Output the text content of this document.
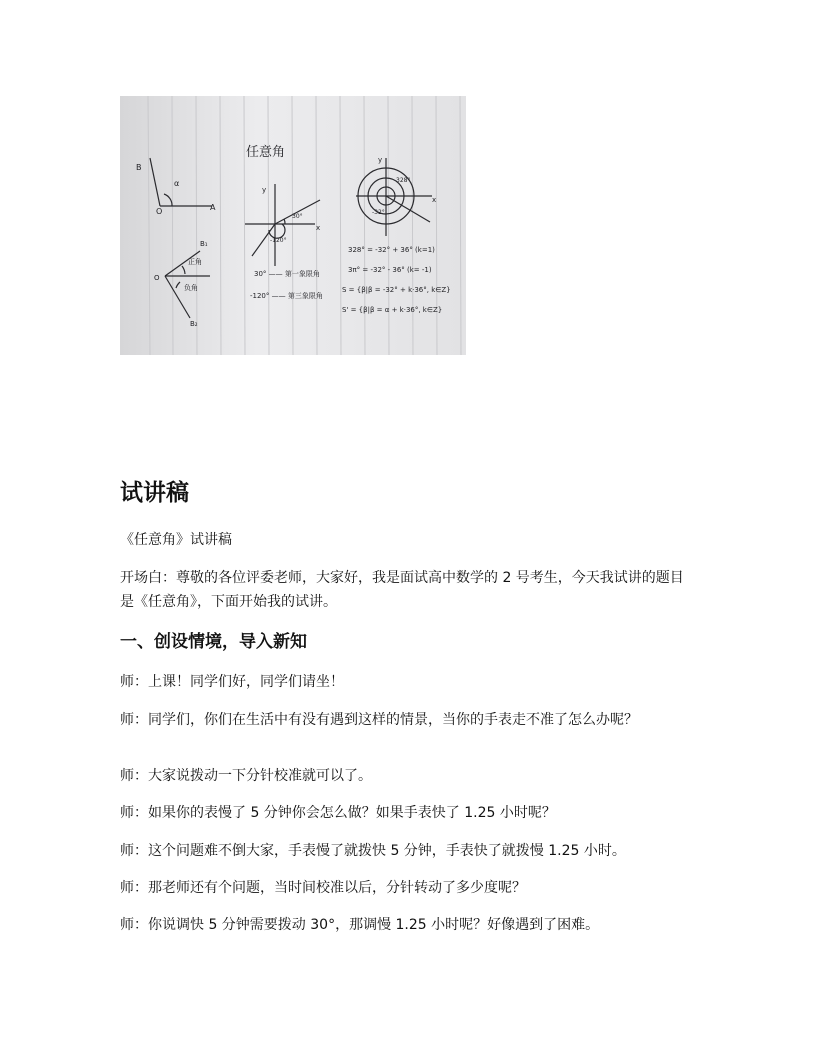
任意角
B
α
O	A
B₁
正角
O
负角
B₂
y
x
30°
-120°
30° —— 第一象限角
-120° —— 第三象限角
y
x
328°
-32°
328° = -32° + 36° (k=1)
3π° = -32° - 36° (k= -1)
S = {β|β = -32° + k·36°, k∈Z}
S' = {β|β = α + k·36°, k∈Z}
试讲稿

《任意角》试讲稿

开场白：尊敬的各位评委老师，大家好，我是面试高中数学的 2 号考生，今天我试讲的题目是《任意角》，下面开始我的试讲。

一、创设情境，导入新知

师：上课！同学们好，同学们请坐！

师：同学们，你们在生活中有没有遇到这样的情景，当你的手表走不准了怎么办呢？

师：大家说拨动一下分针校准就可以了。

师：如果你的表慢了 5 分钟你会怎么做？如果手表快了 1.25 小时呢？

师：这个问题难不倒大家，手表慢了就拨快 5 分钟，手表快了就拨慢 1.25 小时。

师：那老师还有个问题，当时间校准以后，分针转动了多少度呢？

师：你说调快 5 分钟需要拨动 30°，那调慢 1.25 小时呢？好像遇到了困难。
